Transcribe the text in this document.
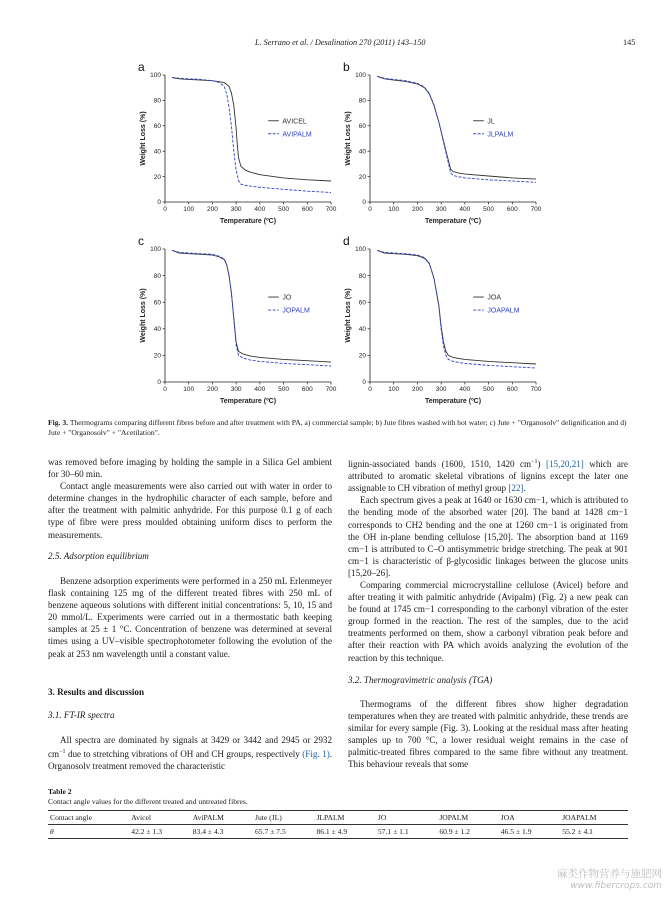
L. Serrano et al. / Desalination 270 (2011) 143–150	145
a
0	100 200 300 400 500 600 700
0
20
40
60
80
100
Temperature (ºC)
Weight Loss (%)	AVICEL
AVIPALM
b
0	100 200 300 400 500 600 700
0
20
40
60
80
100
Temperature (ºC)
Weight Loss (%)	JL
JLPALM
c
0	100 200 300 400 500 600 700
0
20
40
60
80
100
Temperature (ºC)
Weight Loss (%)	JO
JOPALM
d
0	100 200 300 400 500 600 700
0
20
40
60
80
100
Temperature (ºC)
Weight Loss (%)	JOA
JOAPALM
Fig. 3. Thermograms comparing different fibres before and after treatment with PA, a) commercial sample; b) Jute fibres washed with hot water; c) Jute + "Organosolv" delignification and d) Jute + "Organosolv" + "Acetilation".

was removed before imaging by holding the sample in a Silica Gel ambient for 30–60 min.

Contact angle measurements were also carried out with water in order to determine changes in the hydrophilic character of each sample, before and after the treatment with palmitic anhydride. For this purpose 0.1 g of each type of fibre were press moulded obtaining uniform discs to perform the measurements.

2.5. Adsorption equilibrium

Benzene adsorption experiments were performed in a 250 mL Erlenmeyer flask containing 125 mg of the different treated fibres with 250 mL of benzene aqueous solutions with different initial concentrations: 5, 10, 15 and 20 mmol/L. Experiments were carried out in a thermostatic bath keeping samples at 25 ± 1 °C. Concentration of benzene was determined at several times using a UV–visible spectrophotometer following the evolution of the peak at 253 nm wavelength until a constant value.

3. Results and discussion
3.1. FT-IR spectra

All spectra are dominated by signals at 3429 or 3442 and 2945 or 2932 $cm^{-1}$ due to stretching vibrations of OH and CH groups, respectively (Fig. 1). Organosolv treatment removed the characteristic

lignin-associated bands (1600, 1510, 1420 $cm^{-1}$) [15,20,21] which are attributed to aromatic skeletal vibrations of lignins except the later one assignable to CH vibration of methyl group [22].

Each spectrum gives a peak at 1640 or 1630 cm−1, which is attributed to the bending mode of the absorbed water [20]. The band at 1428 cm−1 corresponds to CH2 bending and the one at 1260 cm−1 is originated from the OH in-plane bending cellulose [15,20]. The absorption band at 1169 cm−1 is attributed to C–O antisymmetric bridge stretching. The peak at 901 cm−1 is characteristic of β-glycosidic linkages between the glucose units [15,20–26].

Comparing commercial microcrystalline cellulose (Avicel) before and after treating it with palmitic anhydride (Avipalm) (Fig. 2) a new peak can be found at 1745 cm−1 corresponding to the carbonyl vibration of the ester group formed in the reaction. The rest of the samples, due to the acid treatments performed on them, show a carbonyl vibration peak before and after their reaction with PA which avoids analyzing the evolution of the reaction by this technique.

3.2. Thermogravimetric analysis (TGA)

Thermograms of the different fibres show higher degradation temperatures when they are treated with palmitic anhydride, these trends are similar for every sample (Fig. 3). Looking at the residual mass after heating samples up to 700 °C, a lower residual weight remains in the case of palmitic-treated fibres compared to the same fibre without any treatment. This behaviour reveals that some

Table 2
Contact angle values for the different treated and untreated fibres.
Contact angle	Avicel	AviPALM	Jute (JL)	JLPALM	JO	JOPALM	JOA	JOAPALM
θ	42.2 ± 1.3	83.4 ± 4.3	65.7 ± 7.5	86.1 ± 4.9	57.1 ± 1.1	60.9 ± 1.2	46.5 ± 1.9	55.2 ± 4.1
麻类作物营养与施肥网
www.fibercrops.com
